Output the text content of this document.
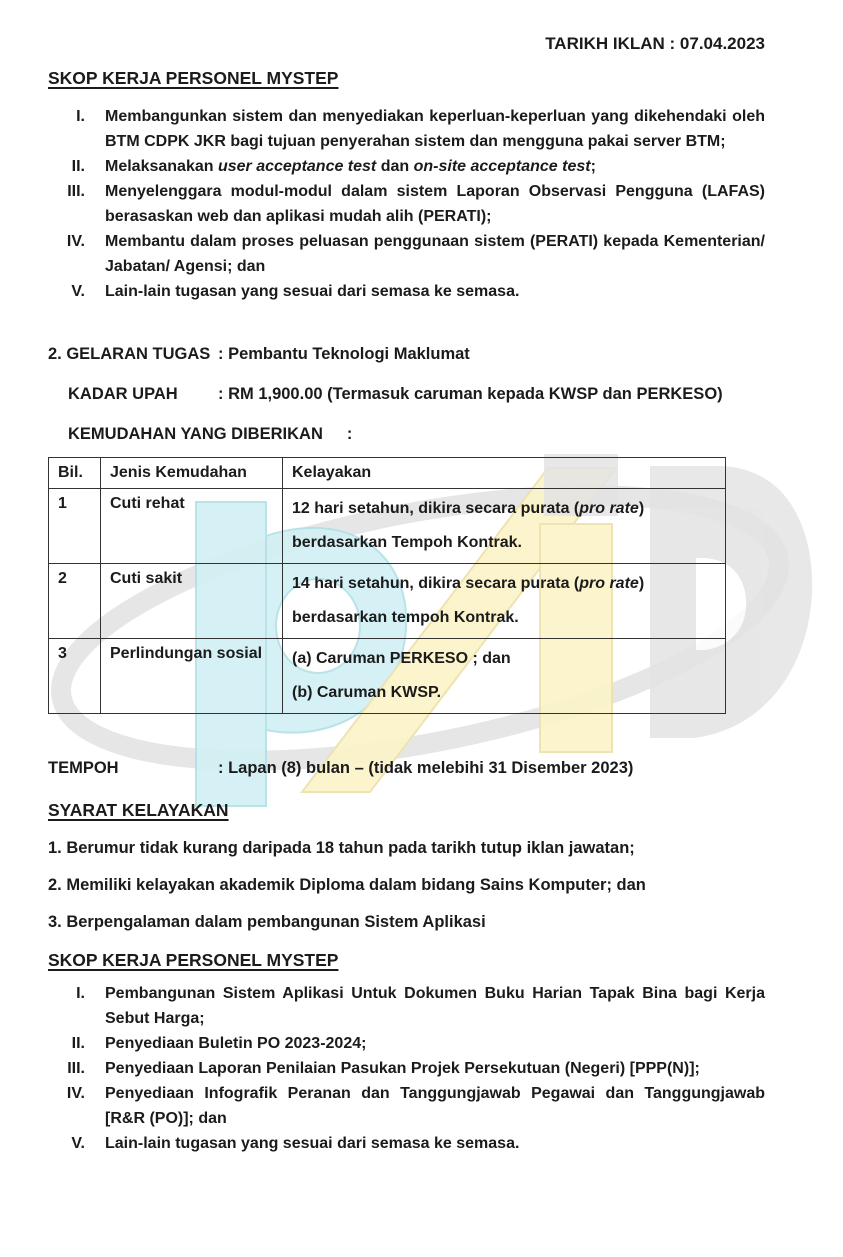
TARIKH IKLAN : 07.04.2023
SKOP KERJA PERSONEL MYSTEP
I. Membangunkan sistem dan menyediakan keperluan-keperluan yang dikehendaki oleh BTM CDPK JKR bagi tujuan penyerahan sistem dan mengguna pakai server BTM;
II. Melaksanakan user acceptance test dan on-site acceptance test;
III. Menyelenggara modul-modul dalam sistem Laporan Observasi Pengguna (LAFAS) berasaskan web dan aplikasi mudah alih (PERATI);
IV. Membantu dalam proses peluasan penggunaan sistem (PERATI) kepada Kementerian/ Jabatan/ Agensi; dan
V. Lain-lain tugasan yang sesuai dari semasa ke semasa.
2. GELARAN TUGAS : Pembantu Teknologi Maklumat
KADAR UPAH	: RM 1,900.00 (Termasuk caruman kepada KWSP dan PERKESO)
KEMUDAHAN YANG DIBERIKAN :
Bil.	Jenis Kemudahan	Kelayakan
1	Cuti rehat	12 hari setahun, dikira secara purata (pro rate)
berdasarkan Tempoh Kontrak.

2	Cuti sakit	14 hari setahun, dikira secara purata (pro rate)
berdasarkan tempoh Kontrak.

3	Perlindungan sosial	(a) Caruman PERKESO ; dan
(b) Caruman KWSP.
TEMPOH	: Lapan (8) bulan – (tidak melebihi 31 Disember 2023)
SYARAT KELAYAKAN
1. Berumur tidak kurang daripada 18 tahun pada tarikh tutup iklan jawatan;
2. Memiliki kelayakan akademik Diploma dalam bidang Sains Komputer; dan
3. Berpengalaman dalam pembangunan Sistem Aplikasi
SKOP KERJA PERSONEL MYSTEP
I. Pembangunan Sistem Aplikasi Untuk Dokumen Buku Harian Tapak Bina bagi Kerja Sebut Harga;
II. Penyediaan Buletin PO 2023-2024;
III. Penyediaan Laporan Penilaian Pasukan Projek Persekutuan (Negeri) [PPP(N)];
IV. Penyediaan Infografik Peranan dan Tanggungjawab Pegawai dan Tanggungjawab [R&R (PO)]; dan
V. Lain-lain tugasan yang sesuai dari semasa ke semasa.
